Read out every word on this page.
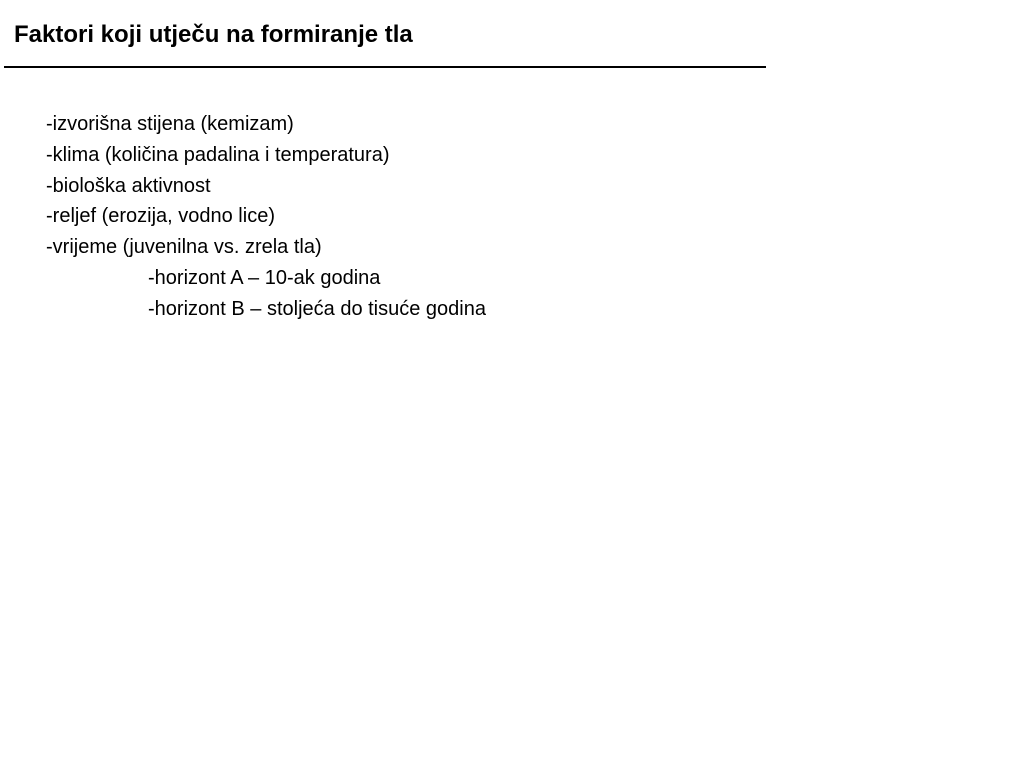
Faktori koji utječu na formiranje tla
-izvorišna stijena (kemizam)
-klima (količina padalina i temperatura)
-biološka aktivnost
-reljef (erozija, vodno lice)
-vrijeme (juvenilna vs. zrela tla)
-horizont A – 10-ak godina
-horizont B – stoljeća do tisuće godina
